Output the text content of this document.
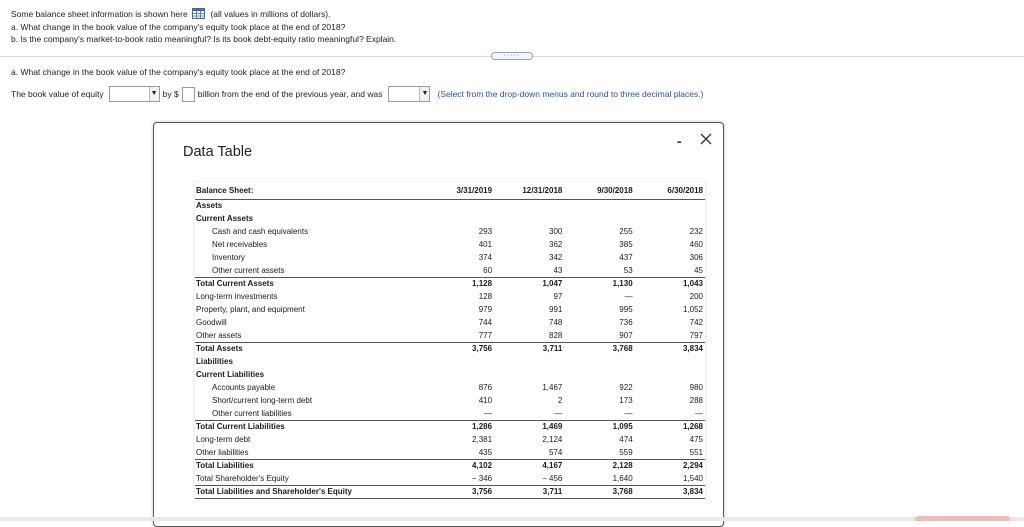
Some balance sheet information is shown here	(all values in millions of dollars).
a. What change in the book value of the company's equity took place at the end of 2018?
b. Is the company's market-to-book ratio meaningful? Is its book debt-equity ratio meaningful? Explain.
·····
a. What change in the book value of the company's equity took place at the end of 2018?
The book value of equity	▼ by $ billion from the end of the previous year, and was	▼ (Select from the drop-down menus and round to three decimal places.)
Data Table
-
Balance Sheet:	3/31/2019	12/31/2018	9/30/2018	6/30/2018
Assets				
Current Assets				
Cash and cash equivalents	293	300	255	232
Net receivables	401	362	385	460
Inventory	374	342	437	306
Other current assets	60	43	53	45
Total Current Assets	1,128	1,047	1,130	1,043
Long-term investments	128	97	—	200
Property, plant, and equipment	979	991	995	1,052
Goodwill	744	748	736	742
Other assets	777	828	907	797
Total Assets	3,756	3,711	3,768	3,834
Liabilities				
Current Liabilities				
Accounts payable	876	1,467	922	980
Short/current long-term debt	410	2	173	288
Other current liabilities	—	—	—	—
Total Current Liabilities	1,286	1,469	1,095	1,268
Long-term debt	2,381	2,124	474	475
Other liabilities	435	574	559	551
Total Liabilities	4,102	4,167	2,128	2,294
Total Shareholder's Equity	− 346	− 456	1,640	1,540
Total Liabilities and Shareholder's Equity	3,756	3,711	3,768	3,834
